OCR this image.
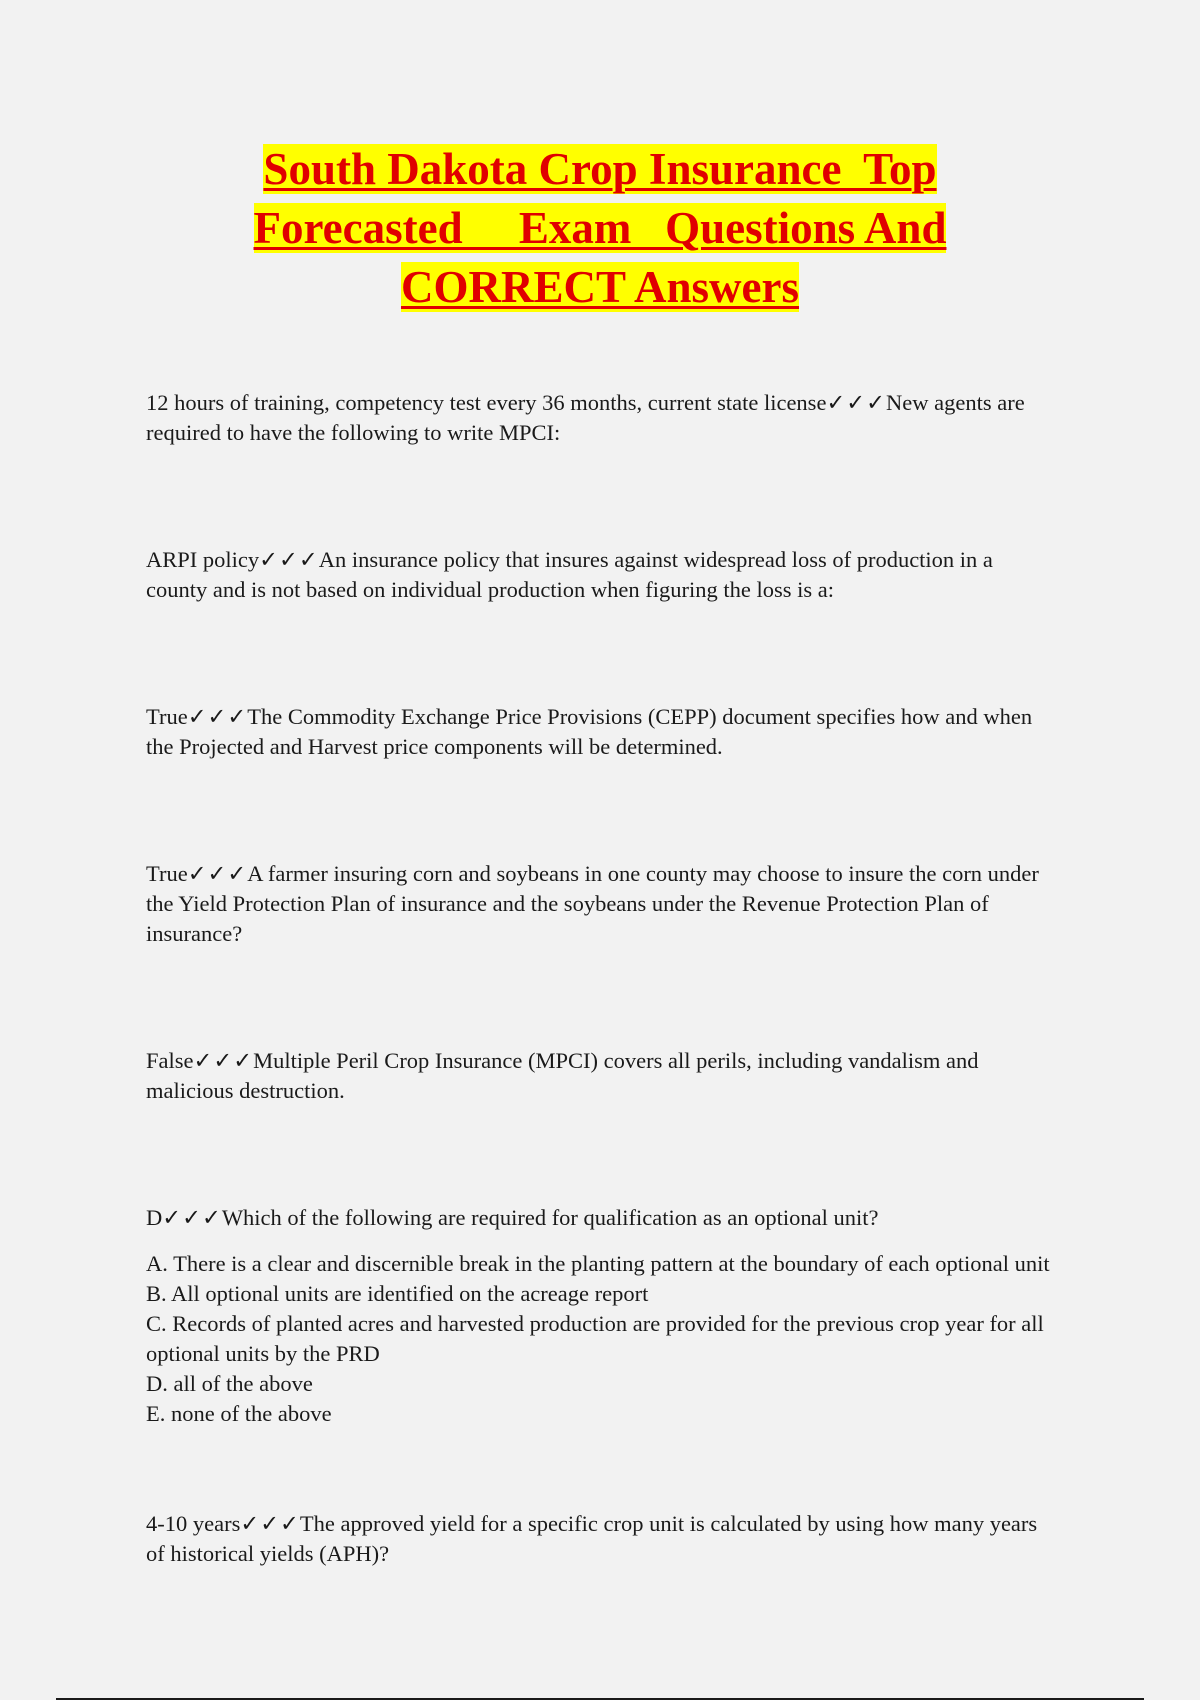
South Dakota Crop Insurance  Top

Forecasted     Exam   Questions And

CORRECT Answers

12 hours of training, competency test every 36 months, current state license✓✓✓New agents are required to have the following to write MPCI:

ARPI policy✓✓✓An insurance policy that insures against widespread loss of production in a county and is not based on individual production when figuring the loss is a:

True✓✓✓The Commodity Exchange Price Provisions (CEPP) document specifies how and when the Projected and Harvest price components will be determined.

True✓✓✓A farmer insuring corn and soybeans in one county may choose to insure the corn under the Yield Protection Plan of insurance and the soybeans under the Revenue Protection Plan of insurance?

False✓✓✓Multiple Peril Crop Insurance (MPCI) covers all perils, including vandalism and malicious destruction.

D✓✓✓Which of the following are required for qualification as an optional unit?

A. There is a clear and discernible break in the planting pattern at the boundary of each optional unit

B. All optional units are identified on the acreage report

C. Records of planted acres and harvested production are provided for the previous crop year for all optional units by the PRD

D. all of the above

E. none of the above

4-10 years✓✓✓The approved yield for a specific crop unit is calculated by using how many years of historical yields (APH)?
